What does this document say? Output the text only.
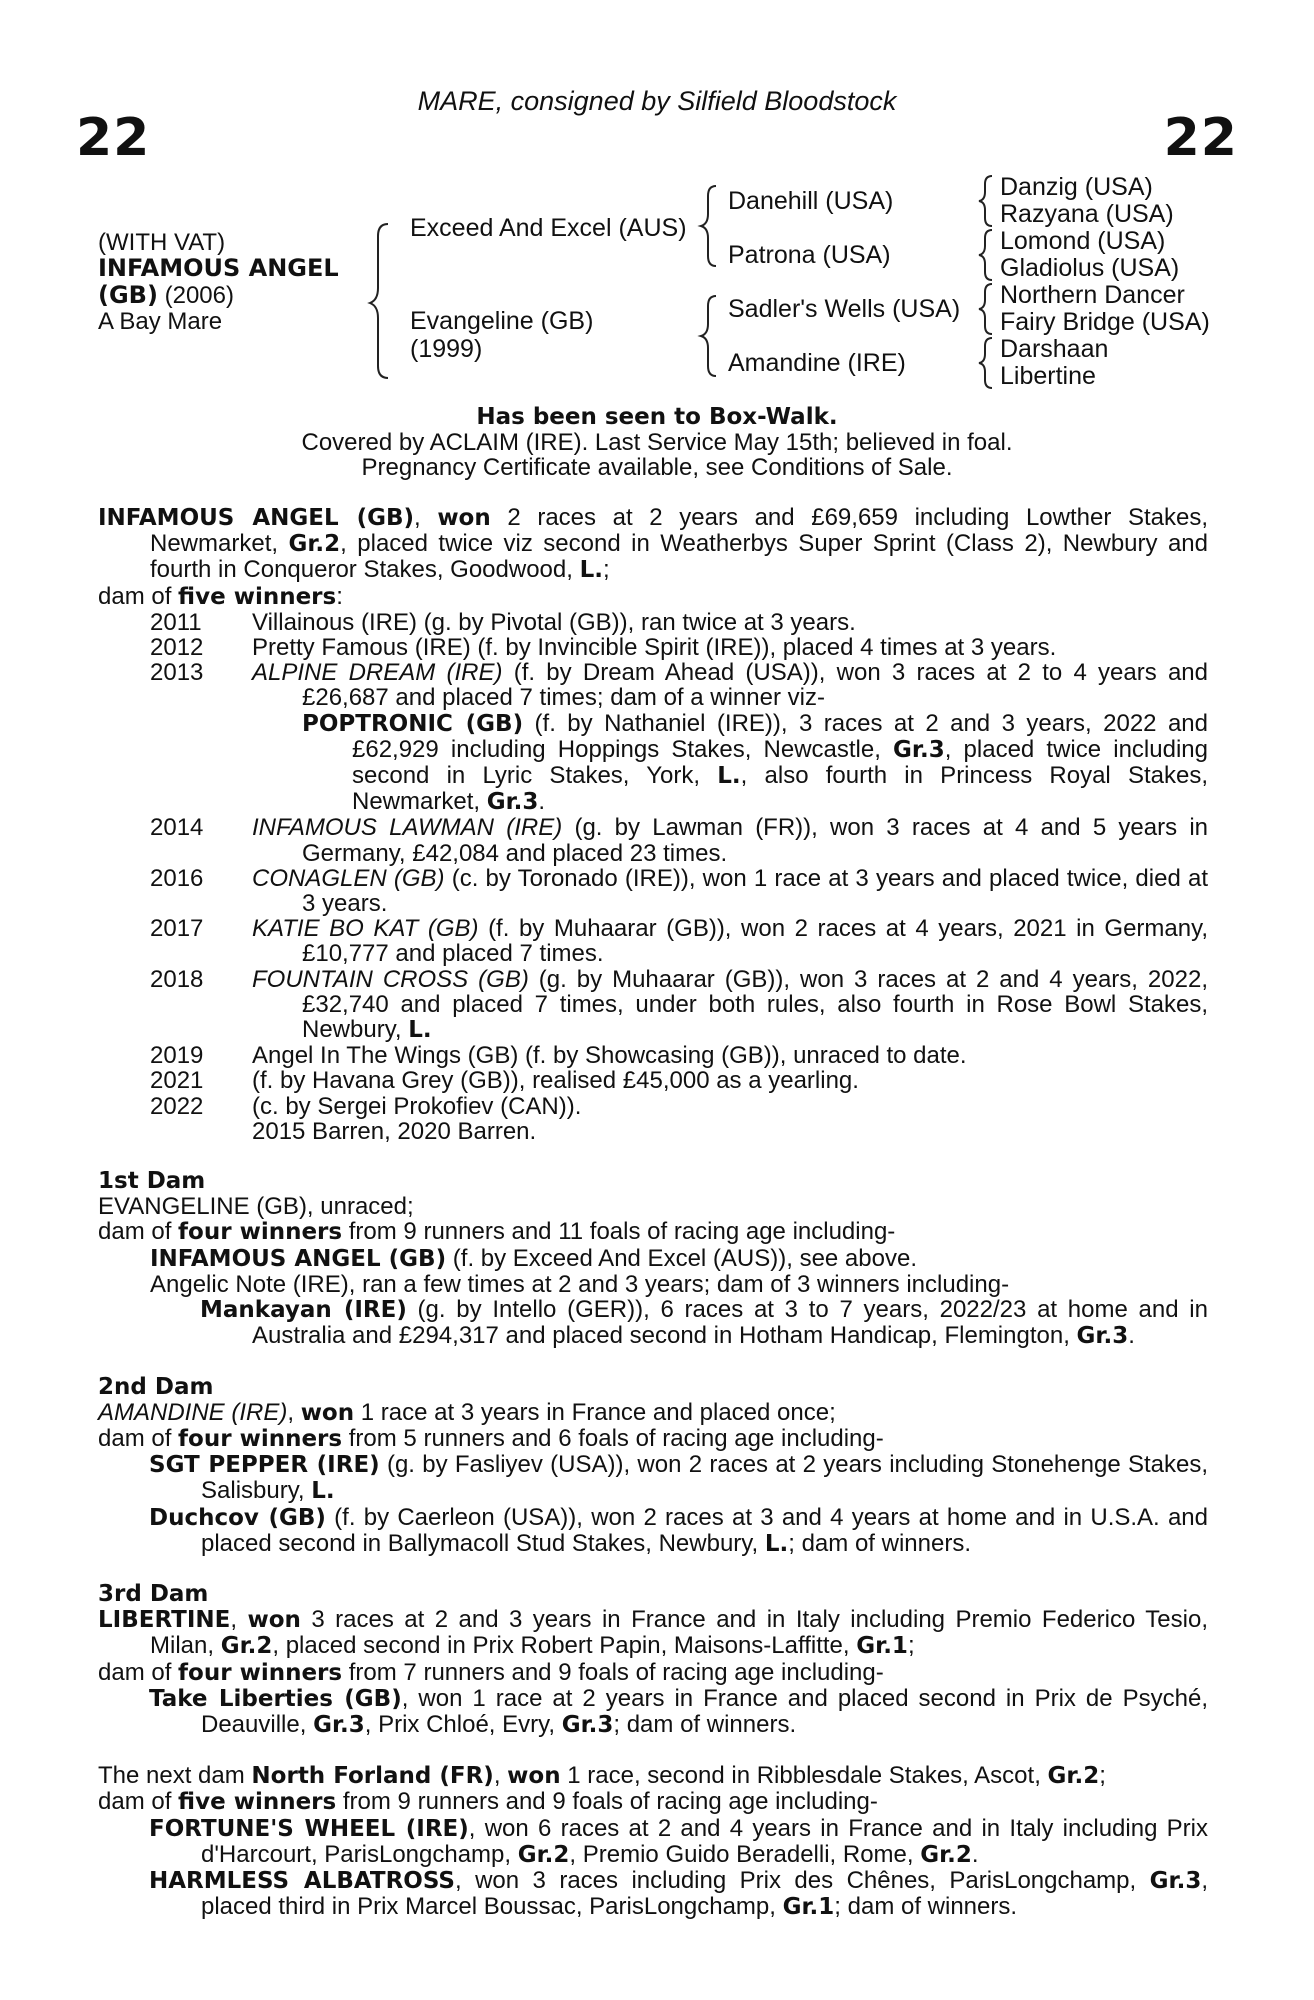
MARE, consigned by Silfield Bloodstock
22	22
(WITH VAT)
INFAMOUS ANGEL
(GB) (2006)
A Bay Mare
Exceed And Excel (AUS)
Evangeline (GB)
(1999)
Danehill (USA)
Patrona (USA)
Sadler's Wells (USA)
Amandine (IRE)
Danzig (USA)
Razyana (USA)
Lomond (USA)
Gladiolus (USA)
Northern Dancer
Fairy Bridge (USA)
Darshaan
Libertine
Has been seen to Box-Walk.
Covered by ACLAIM (IRE). Last Service May 15th; believed in foal.
Pregnancy Certificate available, see Conditions of Sale.

INFAMOUS ANGEL (GB), won 2 races at 2 years and £69,659 including Lowther Stakes, Newmarket, Gr.2, placed twice viz second in Weatherbys Super Sprint (Class 2), Newbury and fourth in Conqueror Stakes, Goodwood, L.;

dam of five winners:

2011	Villainous (IRE) (g. by Pivotal (GB)), ran twice at 3 years.
2012	Pretty Famous (IRE) (f. by Invincible Spirit (IRE)), placed 4 times at 3 years.
2013	ALPINE DREAM (IRE) (f. by Dream Ahead (USA)), won 3 races at 2 to 4 years and £26,687 and placed 7 times; dam of a winner viz-

POPTRONIC (GB) (f. by Nathaniel (IRE)), 3 races at 2 and 3 years, 2022 and £62,929 including Hoppings Stakes, Newcastle, Gr.3, placed twice including second in Lyric Stakes, York, L., also fourth in Princess Royal Stakes, Newmarket, Gr.3.

2014	INFAMOUS LAWMAN (IRE) (g. by Lawman (FR)), won 3 races at 4 and 5 years in Germany, £42,084 and placed 23 times.
2016	CONAGLEN (GB) (c. by Toronado (IRE)), won 1 race at 3 years and placed twice, died at 3 years.
2017	KATIE BO KAT (GB) (f. by Muhaarar (GB)), won 2 races at 4 years, 2021 in Germany, £10,777 and placed 7 times.
2018	FOUNTAIN CROSS (GB) (g. by Muhaarar (GB)), won 3 races at 2 and 4 years, 2022, £32,740 and placed 7 times, under both rules, also fourth in Rose Bowl Stakes, Newbury, L.
2019	Angel In The Wings (GB) (f. by Showcasing (GB)), unraced to date.
2021	(f. by Havana Grey (GB)), realised £45,000 as a yearling.
2022	(c. by Sergei Prokofiev (CAN)).
2015 Barren, 2020 Barren.

1st Dam

EVANGELINE (GB), unraced;

dam of four winners from 9 runners and 11 foals of racing age including-

INFAMOUS ANGEL (GB) (f. by Exceed And Excel (AUS)), see above.

Angelic Note (IRE), ran a few times at 2 and 3 years; dam of 3 winners including-

Mankayan (IRE) (g. by Intello (GER)), 6 races at 3 to 7 years, 2022/23 at home and in Australia and £294,317 and placed second in Hotham Handicap, Flemington, Gr.3.

2nd Dam

AMANDINE (IRE), won 1 race at 3 years in France and placed once;

dam of four winners from 5 runners and 6 foals of racing age including-

SGT PEPPER (IRE) (g. by Fasliyev (USA)), won 2 races at 2 years including Stonehenge Stakes, Salisbury, L.

Duchcov (GB) (f. by Caerleon (USA)), won 2 races at 3 and 4 years at home and in U.S.A. and placed second in Ballymacoll Stud Stakes, Newbury, L.; dam of winners.

3rd Dam

LIBERTINE, won 3 races at 2 and 3 years in France and in Italy including Premio Federico Tesio, Milan, Gr.2, placed second in Prix Robert Papin, Maisons-Laffitte, Gr.1;

dam of four winners from 7 runners and 9 foals of racing age including-

Take Liberties (GB), won 1 race at 2 years in France and placed second in Prix de Psyché, Deauville, Gr.3, Prix Chloé, Evry, Gr.3; dam of winners.

The next dam North Forland (FR), won 1 race, second in Ribblesdale Stakes, Ascot, Gr.2;

dam of five winners from 9 runners and 9 foals of racing age including-

FORTUNE'S WHEEL (IRE), won 6 races at 2 and 4 years in France and in Italy including Prix d'Harcourt, ParisLongchamp, Gr.2, Premio Guido Beradelli, Rome, Gr.2.

HARMLESS ALBATROSS, won 3 races including Prix des Chênes, ParisLongchamp, Gr.3, placed third in Prix Marcel Boussac, ParisLongchamp, Gr.1; dam of winners.
